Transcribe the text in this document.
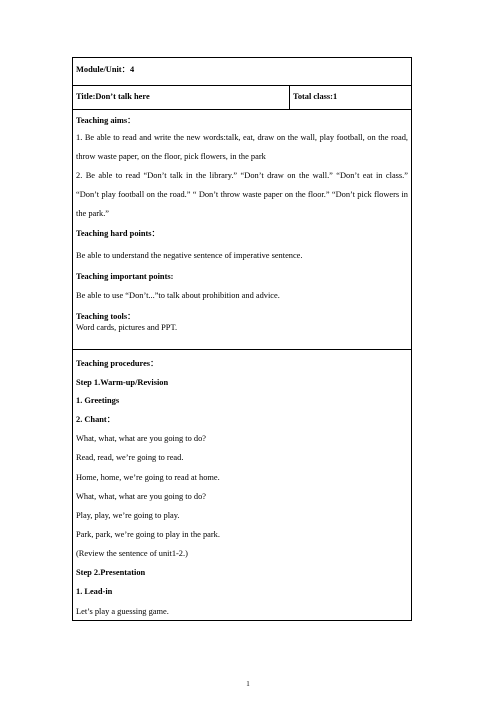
Module/Unit：4
Title:Don’t talk here	Total class:1
Teaching aims：
1. Be able to read and write the new words:talk, eat, draw on the wall, play football, on the road, throw waste paper, on the floor, pick flowers, in the park
2. Be able to read “Don’t talk in the library.” “Don’t draw on the wall.” “Don’t eat in class.” “Don’t play football on the road.” “ Don’t throw waste paper on the floor.” “Don’t pick flowers in the park.”
Teaching hard points：
Be able to understand the negative sentence of imperative sentence.
Teaching important points:
Be able to use “Don’t...”to talk about prohibition and advice.
Teaching tools：
Word cards, pictures and PPT.
Teaching procedures：
Step 1.Warm-up/Revision
1. Greetings
2. Chant：
What, what, what are you going to do?
Read, read, we’re going to read.
Home, home, we’re going to read at home.
What, what, what are you going to do?
Play, play, we’re going to play.
Park, park, we’re going to play in the park.
(Review the sentence of unit1-2.)
Step 2.Presentation
1. Lead-in
Let’s play a guessing game.
1
